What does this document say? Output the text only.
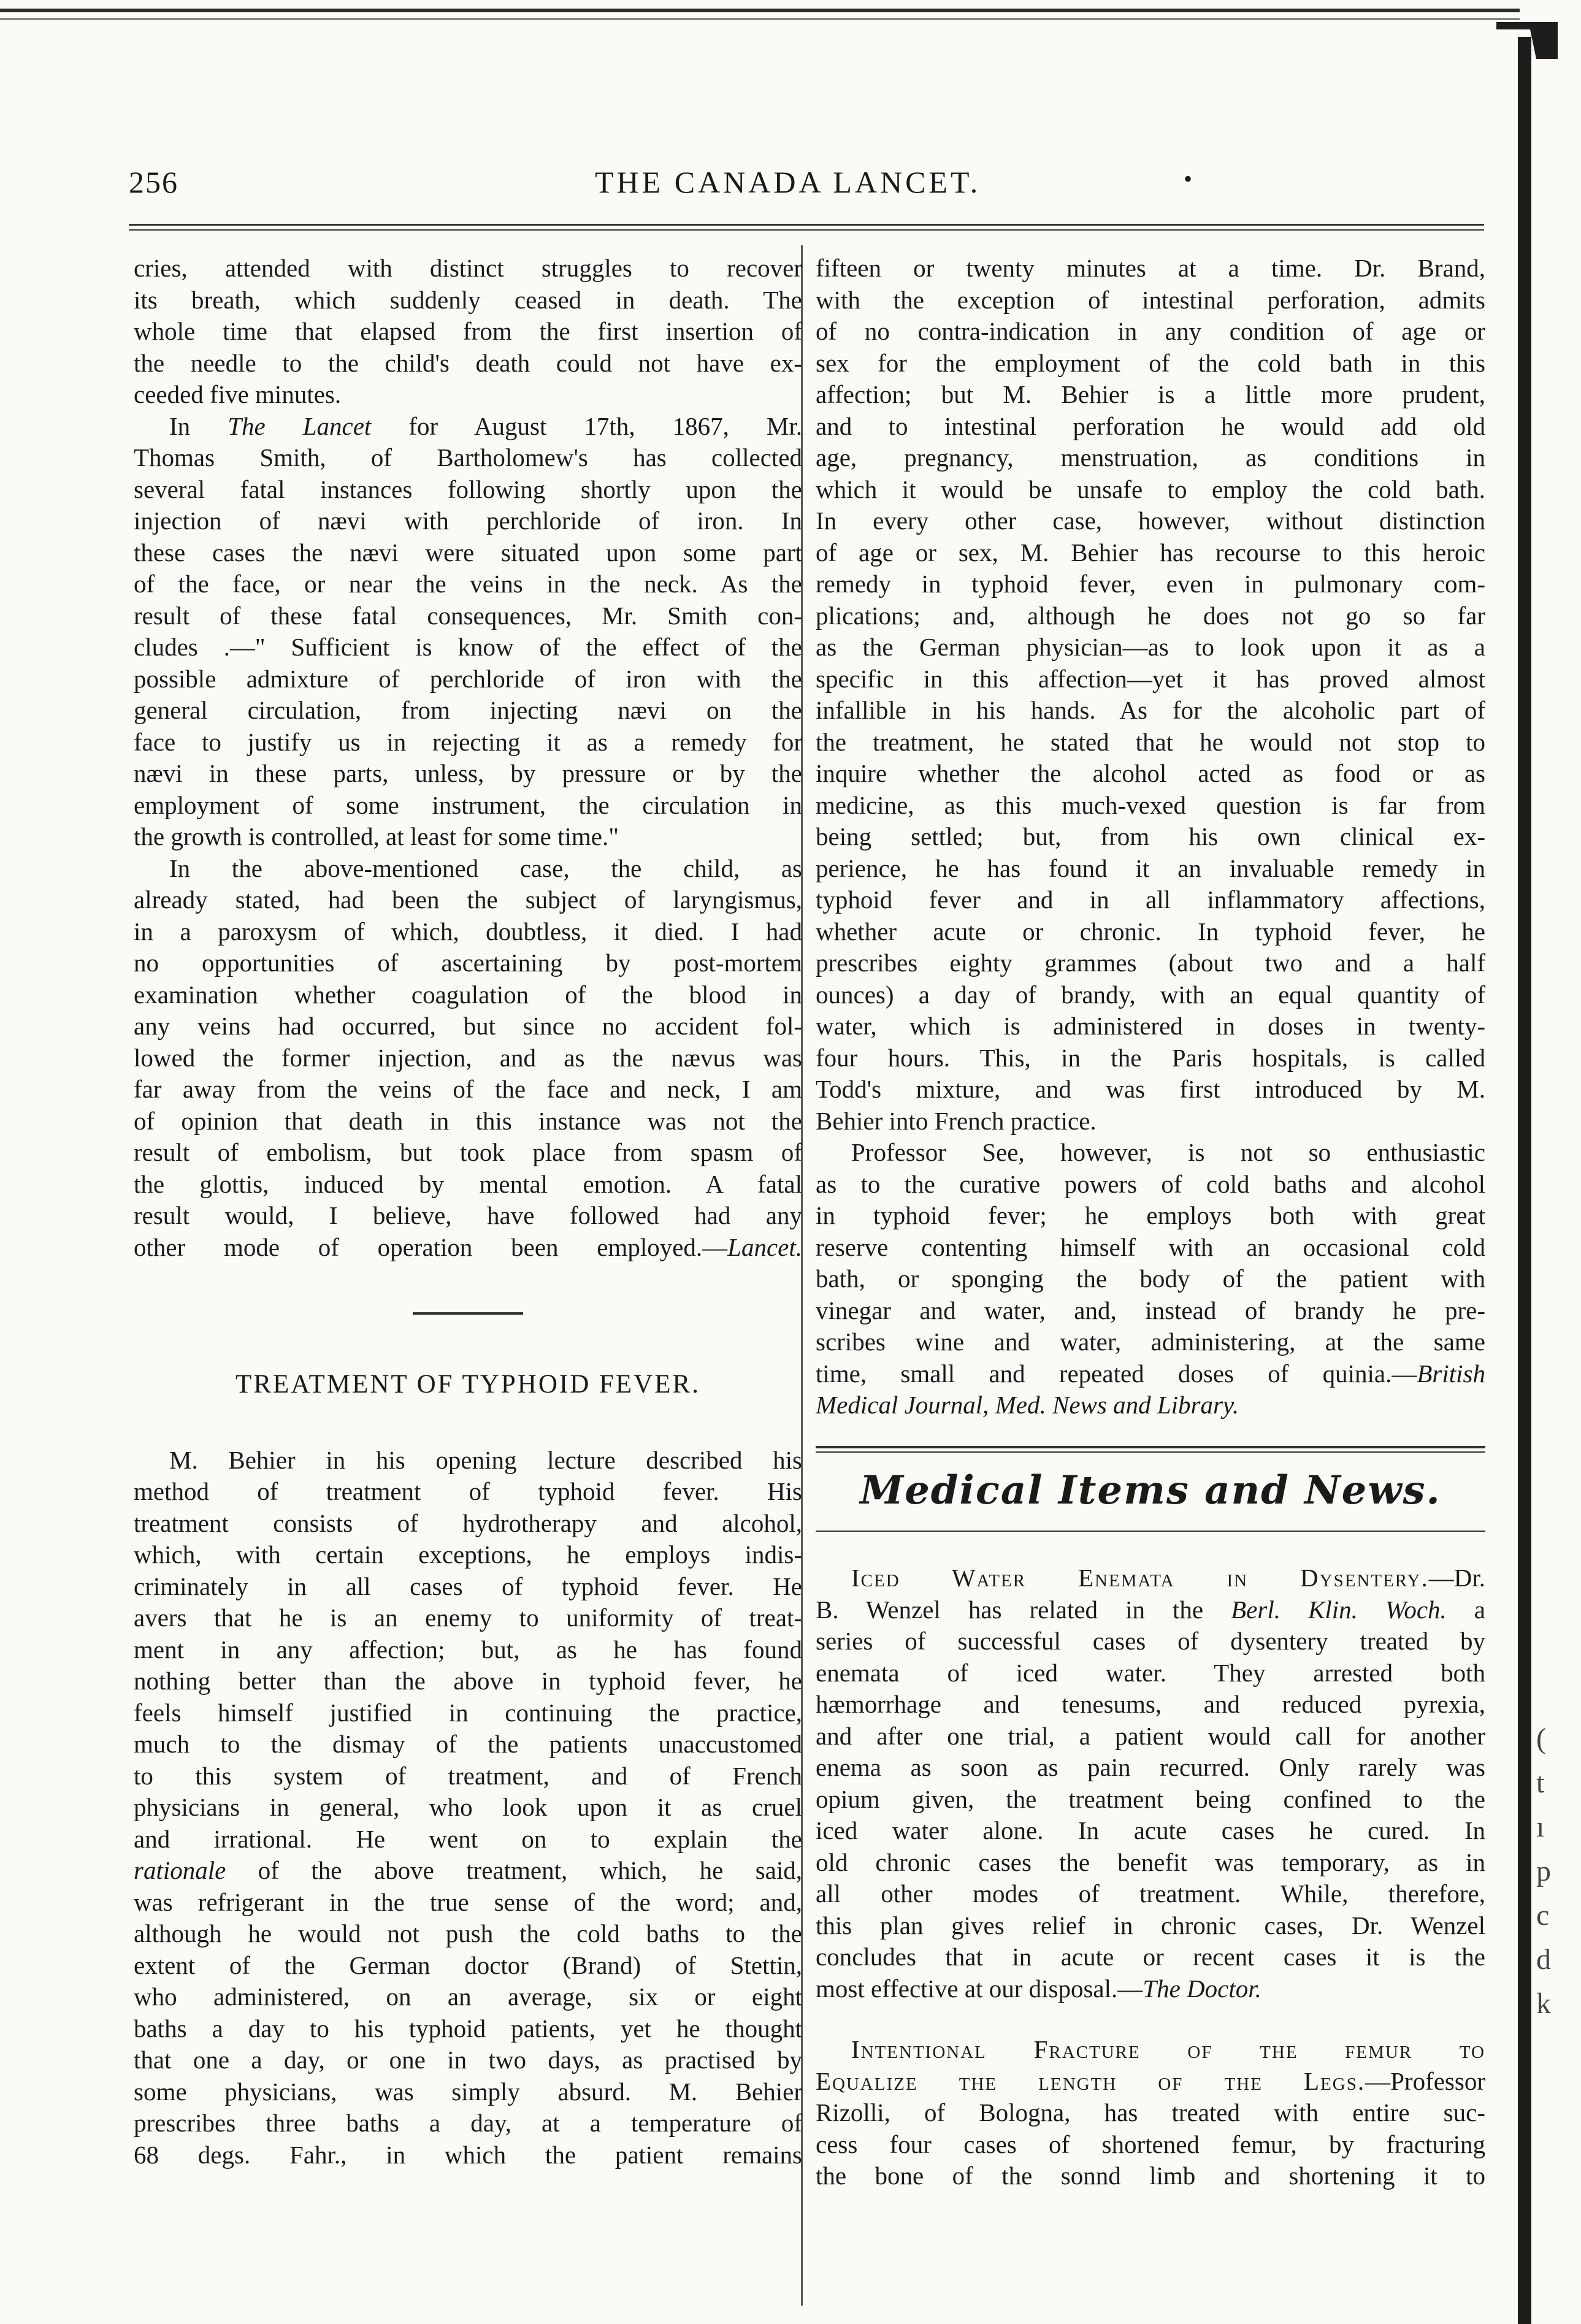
256	THE CANADA LANCET.	•

cries, attended with distinct struggles to recover
its breath, which suddenly ceased in death. The
whole time that elapsed from the first insertion of
the needle to the child's death could not have ex-
ceeded five minutes.

In The Lancet for August 17th, 1867, Mr.
Thomas Smith, of Bartholomew's has collected
several fatal instances following shortly upon the
injection of nævi with perchloride of iron. In
these cases the nævi were situated upon some part
of the face, or near the veins in the neck. As the
result of these fatal consequences, Mr. Smith con-
cludes .—" Sufficient is know of the effect of the
possible admixture of perchloride of iron with the
general circulation, from injecting nævi on the
face to justify us in rejecting it as a remedy for
nævi in these parts, unless, by pressure or by the
employment of some instrument, the circulation in
the growth is controlled, at least for some time."

In the above-mentioned case, the child, as
already stated, had been the subject of laryngismus,
in a paroxysm of which, doubtless, it died. I had
no opportunities of ascertaining by post-mortem
examination whether coagulation of the blood in
any veins had occurred, but since no accident fol-
lowed the former injection, and as the nævus was
far away from the veins of the face and neck, I am
of opinion that death in this instance was not the
result of embolism, but took place from spasm of
the glottis, induced by mental emotion. A fatal
result would, I believe, have followed had any
other mode of operation been employed.—Lancet.

TREATMENT OF TYPHOID FEVER.

M. Behier in his opening lecture described his
method of treatment of typhoid fever. His
treatment consists of hydrotherapy and alcohol,
which, with certain exceptions, he employs indis-
criminately in all cases of typhoid fever. He
avers that he is an enemy to uniformity of treat-
ment in any affection; but, as he has found
nothing better than the above in typhoid fever, he
feels himself justified in continuing the practice,
much to the dismay of the patients unaccustomed
to this system of treatment, and of French
physicians in general, who look upon it as cruel
and irrational. He went on to explain the
rationale of the above treatment, which, he said,
was refrigerant in the true sense of the word; and,
although he would not push the cold baths to the
extent of the German doctor (Brand) of Stettin,
who administered, on an average, six or eight
baths a day to his typhoid patients, yet he thought
that one a day, or one in two days, as practised by
some physicians, was simply absurd. M. Behier
prescribes three baths a day, at a temperature of
68 degs. Fahr., in which the patient remains

fifteen or twenty minutes at a time. Dr. Brand,
with the exception of intestinal perforation, admits
of no contra-indication in any condition of age or
sex for the employment of the cold bath in this
affection; but M. Behier is a little more prudent,
and to intestinal perforation he would add old
age, pregnancy, menstruation, as conditions in
which it would be unsafe to employ the cold bath.
In every other case, however, without distinction
of age or sex, M. Behier has recourse to this heroic
remedy in typhoid fever, even in pulmonary com-
plications; and, although he does not go so far
as the German physician—as to look upon it as a
specific in this affection—yet it has proved almost
infallible in his hands. As for the alcoholic part of
the treatment, he stated that he would not stop to
inquire whether the alcohol acted as food or as
medicine, as this much-vexed question is far from
being settled; but, from his own clinical ex-
perience, he has found it an invaluable remedy in
typhoid fever and in all inflammatory affections,
whether acute or chronic. In typhoid fever, he
prescribes eighty grammes (about two and a half
ounces) a day of brandy, with an equal quantity of
water, which is administered in doses in twenty-
four hours. This, in the Paris hospitals, is called
Todd's mixture, and was first introduced by M.
Behier into French practice.

Professor See, however, is not so enthusiastic
as to the curative powers of cold baths and alcohol
in typhoid fever; he employs both with great
reserve contenting himself with an occasional cold
bath, or sponging the body of the patient with
vinegar and water, and, instead of brandy he pre-
scribes wine and water, administering, at the same
time, small and repeated doses of quinia.—British
Medical Journal, Med. News and Library.

Medical Items and News.

Iced Water Enemata in Dysentery.—Dr.
B. Wenzel has related in the Berl. Klin. Woch. a
series of successful cases of dysentery treated by
enemata of iced water. They arrested both
hæmorrhage and tenesums, and reduced pyrexia,
and after one trial, a patient would call for another
enema as soon as pain recurred. Only rarely was
opium given, the treatment being confined to the
iced water alone. In acute cases he cured. In
old chronic cases the benefit was temporary, as in
all other modes of treatment. While, therefore,
this plan gives relief in chronic cases, Dr. Wenzel
concludes that in acute or recent cases it is the
most effective at our disposal.—The Doctor.

Intentional Fracture of the femur to
Equalize the length of the Legs.—Professor
Rizolli, of Bologna, has treated with entire suc-
cess four cases of shortened femur, by fracturing
the bone of the sonnd limb and shortening it to

(
t
ı
p
c
d
k
